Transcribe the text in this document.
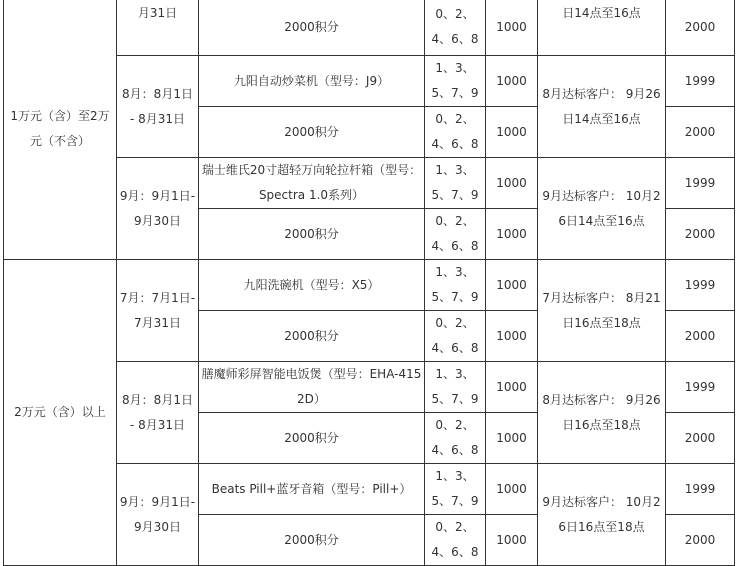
1万元（含）至2万元（不含）	月31日	2000积分	0、2、4、6、8	1000	日14点至16点	2000
	8月：8月1日 - 8月31日	九阳自动炒菜机（型号：J9）	1、3、5、7、9	1000	8月达标客户： 9月26日14点至16点	1999
		2000积分	0、2、4、6、8	1000		2000
	9月：9月1日-9月30日	瑞士维氏20寸超轻万向轮拉杆箱（型号：Spectra 1.0系列）	1、3、5、7、9	1000	9月达标客户： 10月26日14点至16点	1999
		2000积分	0、2、4、6、8	1000		2000
2万元（含）以上	7月：7月1日-7月31日	九阳洗碗机（型号：X5）	1、3、5、7、9	1000	7月达标客户： 8月21日16点至18点	1999
		2000积分	0、2、4、6、8	1000		2000
	8月：8月1日 - 8月31日	膳魔师彩屏智能电饭煲（型号：EHA-4152D）	1、3、5、7、9	1000	8月达标客户： 9月26日16点至18点	1999
		2000积分	0、2、4、6、8	1000		2000
	9月：9月1日-9月30日	Beats Pill+蓝牙音箱（型号：Pill+）	1、3、5、7、9	1000	9月达标客户： 10月26日16点至18点	1999
		2000积分	0、2、4、6、8	1000		2000
